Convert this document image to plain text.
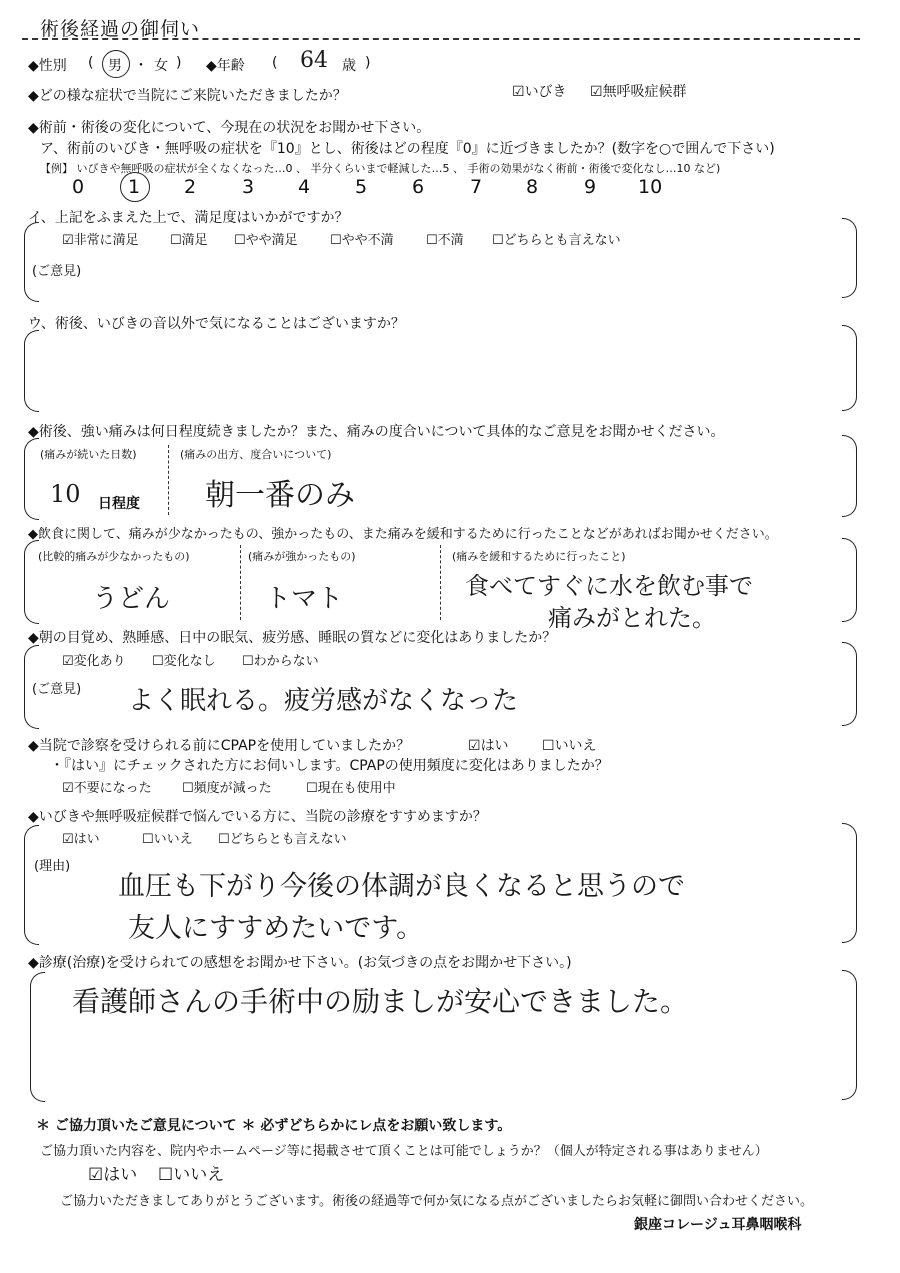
術後経過の御伺い
◆性別 ( 男 ・ 女 ) ◆年齢 ( 64 歳 )
◆どの様な症状で当院にご来院いただきましたか？	☑いびき ☑無呼吸症候群
◆術前・術後の変化について、今現在の状況をお聞かせ下さい。
ア、術前のいびき・無呼吸の症状を『10』とし、術後はどの程度『0』に近づきましたか？(数字を○で囲んで下さい)
【例】 いびきや無呼吸の症状が全くなくなった…0 、 半分くらいまで軽減した…5 、 手術の効果がなく術前・術後で変化なし…10 など)
0 1 2 3 4 5 6 7 8 9 10
イ、上記をふまえた上で、満足度はいかがですか？
☑非常に満足 ☐満足 ☐やや満足 ☐やや不満 ☐不満 ☐どちらとも言えない
(ご意見)
ウ、術後、いびきの音以外で気になることはございますか？
◆術後、強い痛みは何日程度続きましたか？また、痛みの度合いについて具体的なご意見をお聞かせください。
(痛みが続いた日数)
10 日程度
(痛みの出方、度合いについて)
朝一番のみ
◆飲食に関して、痛みが少なかったもの、強かったもの、また痛みを緩和するために行ったことなどがあればお聞かせください。
(比較的痛みが少なかったもの)
うどん
(痛みが強かったもの)
トマト
(痛みを緩和するために行ったこと)
食べてすぐに水を飲む事で
痛みがとれた。
◆朝の目覚め、熟睡感、日中の眠気、疲労感、睡眠の質などに変化はありましたか？
☑変化あり ☐変化なし ☐わからない
(ご意見) よく眠れる。疲労感がなくなった
◆当院で診察を受けられる前にCPAPを使用していましたか？	☑はい ☐いいえ
・『はい』にチェックされた方にお伺いします。CPAPの使用頻度に変化はありましたか？
☑不要になった ☐頻度が減った	☐現在も使用中
◆いびきや無呼吸症候群で悩んでいる方に、当院の診療をすすめますか？
☑はい	☐いいえ ☐どちらとも言えない
(理由)
血圧も下がり今後の体調が良くなると思うので
友人にすすめたいです。
◆診療(治療)を受けられての感想をお聞かせ下さい。(お気づきの点をお聞かせ下さい。)
看護師さんの手術中の励ましが安心できました。
＊ ご協力頂いたご意見について ＊ 必ずどちらかにレ点をお願い致します。
ご協力頂いた内容を、院内やホームページ等に掲載させて頂くことは可能でしょうか？（個人が特定される事はありません）
☑はい ☐いいえ
ご協力いただきましてありがとうございます。術後の経過等で何か気になる点がございましたらお気軽に御問い合わせください。
銀座コレージュ耳鼻咽喉科
